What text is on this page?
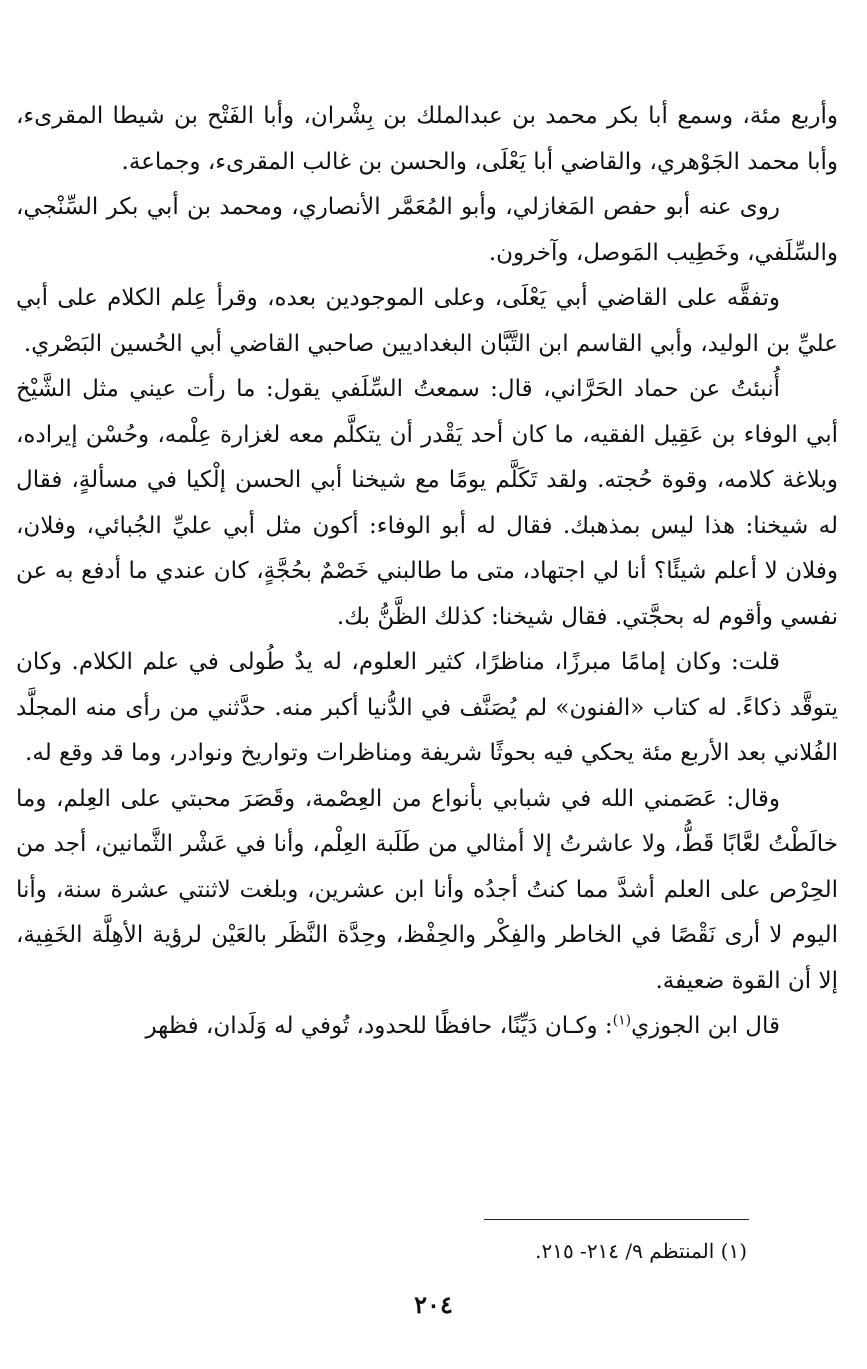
وأربع مئة، وسمع أبا بكر محمد بن عبدالملك بن بِشْران، وأبا الفَتْح بن شيطا المقرىء، وأبا محمد الجَوْهري، والقاضي أبا يَعْلَى، والحسن بن غالب المقرىء، وجماعة.

روى عنه أبو حفص المَغازلي، وأبو المُعَمَّر الأنصاري، ومحمد بن أبي بكر السِّنْجي، والسِّلَفي، وخَطِيب المَوصل، وآخرون.

وتفقَّه على القاضي أبي يَعْلَى، وعلى الموجودين بعده، وقرأ عِلم الكلام على أبي عليِّ بن الوليد، وأبي القاسم ابن التَّبَّان البغداديين صاحبي القاضي أبي الحُسين البَصْري.

أُنبئتُ عن حماد الحَرَّاني، قال: سمعتُ السِّلَفي يقول: ما رأت عيني مثل الشَّيْخ أبي الوفاء بن عَقِيل الفقيه، ما كان أحد يَقْدر أن يتكلَّم معه لغزارة عِلْمه، وحُسْن إيراده، وبلاغة كلامه، وقوة حُجته. ولقد تَكَلَّم يومًا مع شيخنا أبي الحسن إلْكيا في مسألةٍ، فقال له شيخنا: هذا ليس بمذهبك. فقال له أبو الوفاء: أكون مثل أبي عليِّ الجُبائي، وفلان، وفلان لا أعلم شيئًا؟ أنا لي اجتهاد، متى ما طالبني خَصْمٌ بحُجَّةٍ، كان عندي ما أدفع به عن نفسي وأقوم له بحجَّتي. فقال شيخنا: كذلك الظَّنُّ بك.

قلت: وكان إمامًا مبرزًا، مناظرًا، كثير العلوم، له يدٌ طُولى في علم الكلام. وكان يتوقَّد ذكاءً. له كتاب «الفنون» لم يُصَنَّف في الدُّنيا أكبر منه. حدَّثني من رأى منه المجلَّد الفُلاني بعد الأربع مئة يحكي فيه بحوثًا شريفة ومناظرات وتواريخ ونوادر، وما قد وقع له.

وقال: عَصَمني الله في شبابي بأنواع من العِصْمة، وقَصَرَ محبتي على العِلم، وما خالَطْتُ لعَّابًا قَطُّ، ولا عاشرتُ إلا أمثالي من طَلَبة العِلْم، وأنا في عَشْر الثَّمانين، أجد من الحِرْص على العلم أشدَّ مما كنتُ أجدُه وأنا ابن عشرين، وبلغت لاثنتي عشرة سنة، وأنا اليوم لا أرى نَقْصًا في الخاطر والفِكْر والحِفْظ، وحِدَّة النَّظَر بالعَيْن لرؤية الأهِلَّة الخَفِية، إلا أن القوة ضعيفة.

قال ابن الجوزي$^{(١)}$: وكـان دَيِّنًا، حافظًا للحدود، تُوفي له وَلَدان، فظهر

(١) المنتظم ٩/ ٢١٤- ٢١٥.
٢٠٤
